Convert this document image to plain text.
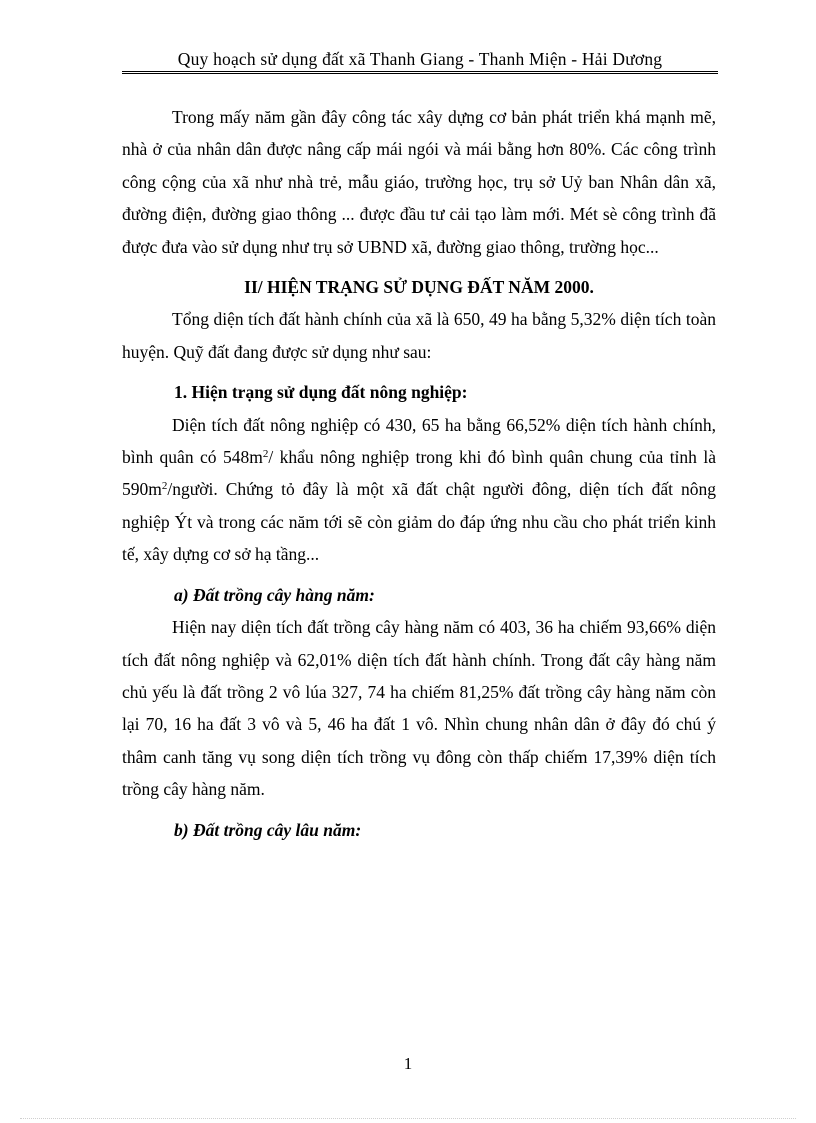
Quy hoạch sử dụng đất xã Thanh Giang - Thanh Miện - Hải Dương

Trong mấy năm gần đây công tác xây dựng cơ bản phát triển khá mạnh mẽ, nhà ở của nhân dân được nâng cấp mái ngói và mái bằng hơn 80%. Các công trình công cộng của xã như nhà trẻ, mẫu giáo, trường học, trụ sở Uỷ ban Nhân dân xã, đường điện, đường giao thông ... được đầu tư cải tạo làm mới. Mét sè công trình đã được đưa vào sử dụng như trụ sở UBND xã, đường giao thông, trường học...

II/ HIỆN TRẠNG SỬ DỤNG ĐẤT NĂM 2000.

Tổng diện tích đất hành chính của xã là 650, 49 ha bằng 5,32% diện tích toàn huyện. Quỹ đất đang được sử dụng như sau:

1. Hiện trạng sử dụng đất nông nghiệp:

Diện tích đất nông nghiệp có 430, 65 ha bằng 66,52% diện tích hành chính, bình quân có $548m^2/$ khẩu nông nghiệp trong khi đó bình quân chung của tỉnh là $590m^2$/người. Chứng tỏ đây là một xã đất chật người đông, diện tích đất nông nghiệp Ýt và trong các năm tới sẽ còn giảm do đáp ứng nhu cầu cho phát triển kinh tế, xây dựng cơ sở hạ tầng...

a) Đất trồng cây hàng năm:

Hiện nay diện tích đất trồng cây hàng năm có 403, 36 ha chiếm 93,66% diện tích đất nông nghiệp và 62,01% diện tích đất hành chính. Trong đất cây hàng năm chủ yếu là đất trồng 2 vô lúa 327, 74 ha chiếm 81,25% đất trồng cây hàng năm còn lại 70, 16 ha đất 3 vô và 5, 46 ha đất 1 vô. Nhìn chung nhân dân ở đây đó chú ý thâm canh tăng vụ song diện tích trồng vụ đông còn thấp chiếm 17,39% diện tích trồng cây hàng năm.

b) Đất trồng cây lâu năm:

1
